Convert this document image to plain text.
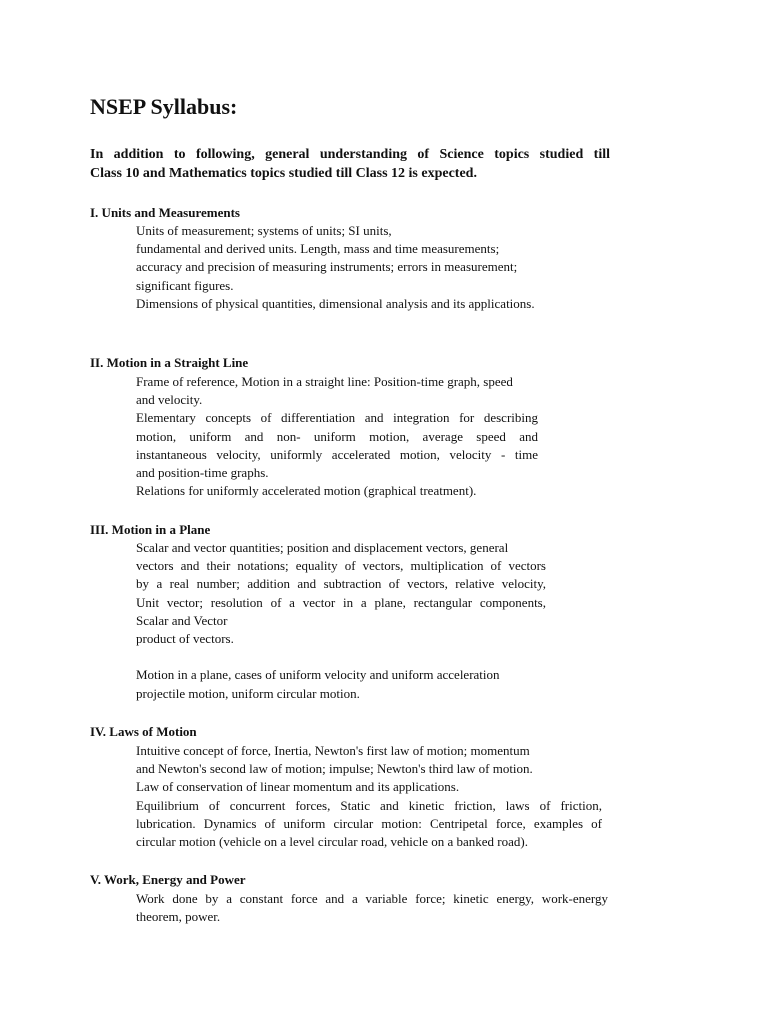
NSEP Syllabus:

In addition to following, general understanding of Science topics studied till
Class 10 and Mathematics topics studied till Class 12 is expected.

I. Units and Measurements

Units of measurement; systems of units; SI units,
fundamental and derived units. Length, mass and time measurements;
accuracy and precision of measuring instruments; errors in measurement;
significant figures.
Dimensions of physical quantities, dimensional analysis and its applications.

II. Motion in a Straight Line

Frame of reference, Motion in a straight line: Position-time graph, speed
and velocity.
Elementary concepts of differentiation and integration for describing
motion, uniform and non- uniform motion, average speed and
instantaneous velocity, uniformly accelerated motion, velocity - time
and position-time graphs.
Relations for uniformly accelerated motion (graphical treatment).

III. Motion in a Plane

Scalar and vector quantities; position and displacement vectors, general
vectors and their notations; equality of vectors, multiplication of vectors
by a real number; addition and subtraction of vectors, relative velocity,
Unit vector; resolution of a vector in a plane, rectangular components,
Scalar and Vector
product of vectors.
Motion in a plane, cases of uniform velocity and uniform acceleration
projectile motion, uniform circular motion.

IV. Laws of Motion

Intuitive concept of force, Inertia, Newton's first law of motion; momentum
and Newton's second law of motion; impulse; Newton's third law of motion.
Law of conservation of linear momentum and its applications.
Equilibrium of concurrent forces, Static and kinetic friction, laws of friction,
lubrication. Dynamics of uniform circular motion: Centripetal force, examples of
circular motion (vehicle on a level circular road, vehicle on a banked road).

V. Work, Energy and Power

Work done by a constant force and a variable force; kinetic energy, work-energy
theorem, power.
